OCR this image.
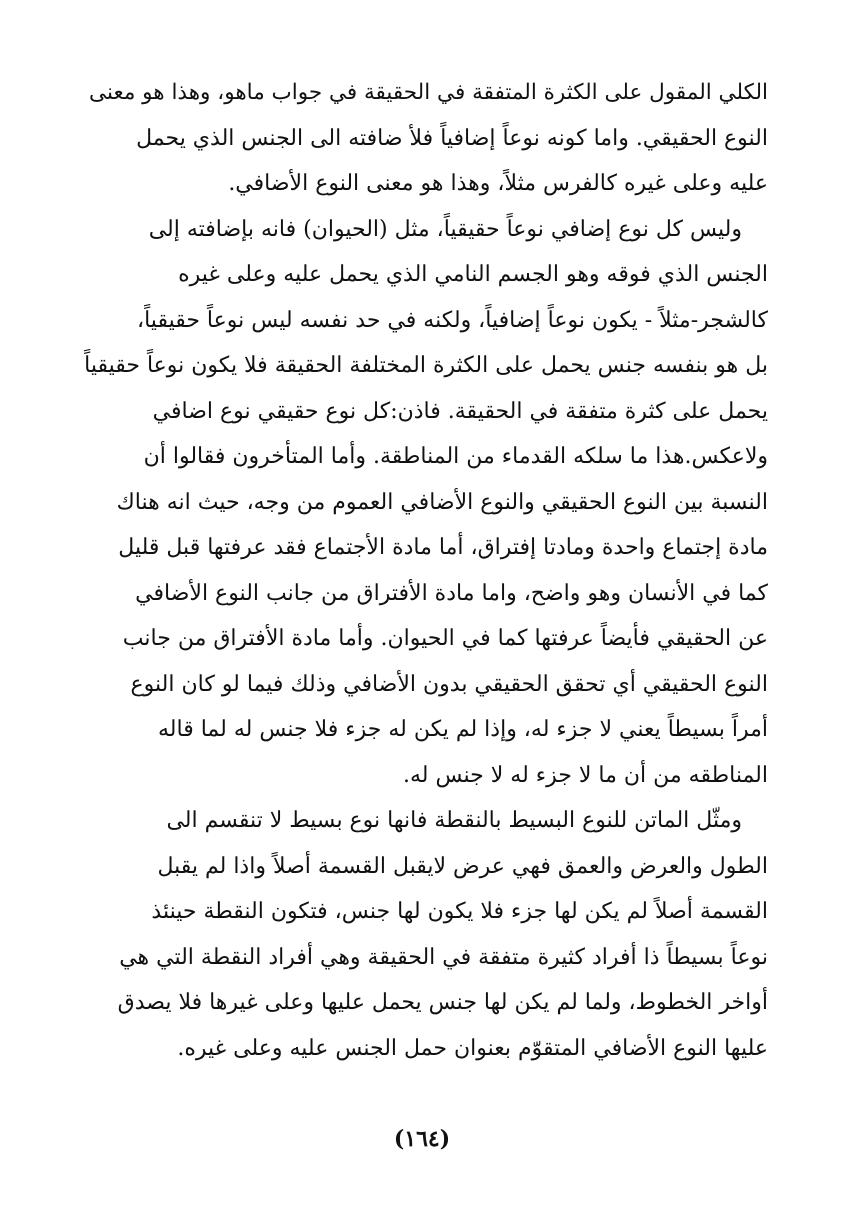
الكلي المقول على الكثرة المتفقة في الحقيقة في جواب ماهو، وهذا هو معنى
النوع الحقيقي. واما كونه نوعاً إضافياً فلأ ضافته الى الجنس الذي يحمل
عليه وعلى غيره كالفرس مثلاً، وهذا هو معنى النوع الأضافي.
وليس كل نوع إضافي نوعاً حقيقياً، مثل (الحيوان) فانه بإضافته إلى
الجنس الذي فوقه وهو الجسم النامي الذي يحمل عليه وعلى غيره
كالشجر-مثلاً - يكون نوعاً إضافياً، ولكنه في حد نفسه ليس نوعاً حقيقياً،
بل هو بنفسه جنس يحمل على الكثرة المختلفة الحقيقة فلا يكون نوعاً حقيقياً
يحمل على كثرة متفقة في الحقيقة. فاذن:كل نوع حقيقي نوع اضافي
ولاعكس.هذا ما سلكه القدماء من المناطقة. وأما المتأخرون فقالوا أن
النسبة بين النوع الحقيقي والنوع الأضافي العموم من وجه، حيث انه هناك
مادة إجتماع واحدة ومادتا إفتراق، أما مادة الأجتماع فقد عرفتها قبل قليل
كما في الأنسان وهو واضح، واما مادة الأفتراق من جانب النوع الأضافي
عن الحقيقي فأيضاً عرفتها كما في الحيوان. وأما مادة الأفتراق من جانب
النوع الحقيقي أي تحقق الحقيقي بدون الأضافي وذلك فيما لو كان النوع
أمراً بسيطاً يعني لا جزء له، وإذا لم يكن له جزء فلا جنس له لما قاله
المناطقه من أن ما لا جزء له لا جنس له.
ومثّل الماتن للنوع البسيط بالنقطة فانها نوع بسيط لا تنقسم الى
الطول والعرض والعمق فهي عرض لايقبل القسمة أصلاً واذا لم يقبل
القسمة أصلاً لم يكن لها جزء فلا يكون لها جنس، فتكون النقطة حينئذ
نوعاً بسيطاً ذا أفراد كثيرة متفقة في الحقيقة وهي أفراد النقطة التي هي
أواخر الخطوط، ولما لم يكن لها جنس يحمل عليها وعلى غيرها فلا يصدق
عليها النوع الأضافي المتقوّم بعنوان حمل الجنس عليه وعلى غيره.
(١٦٤)
